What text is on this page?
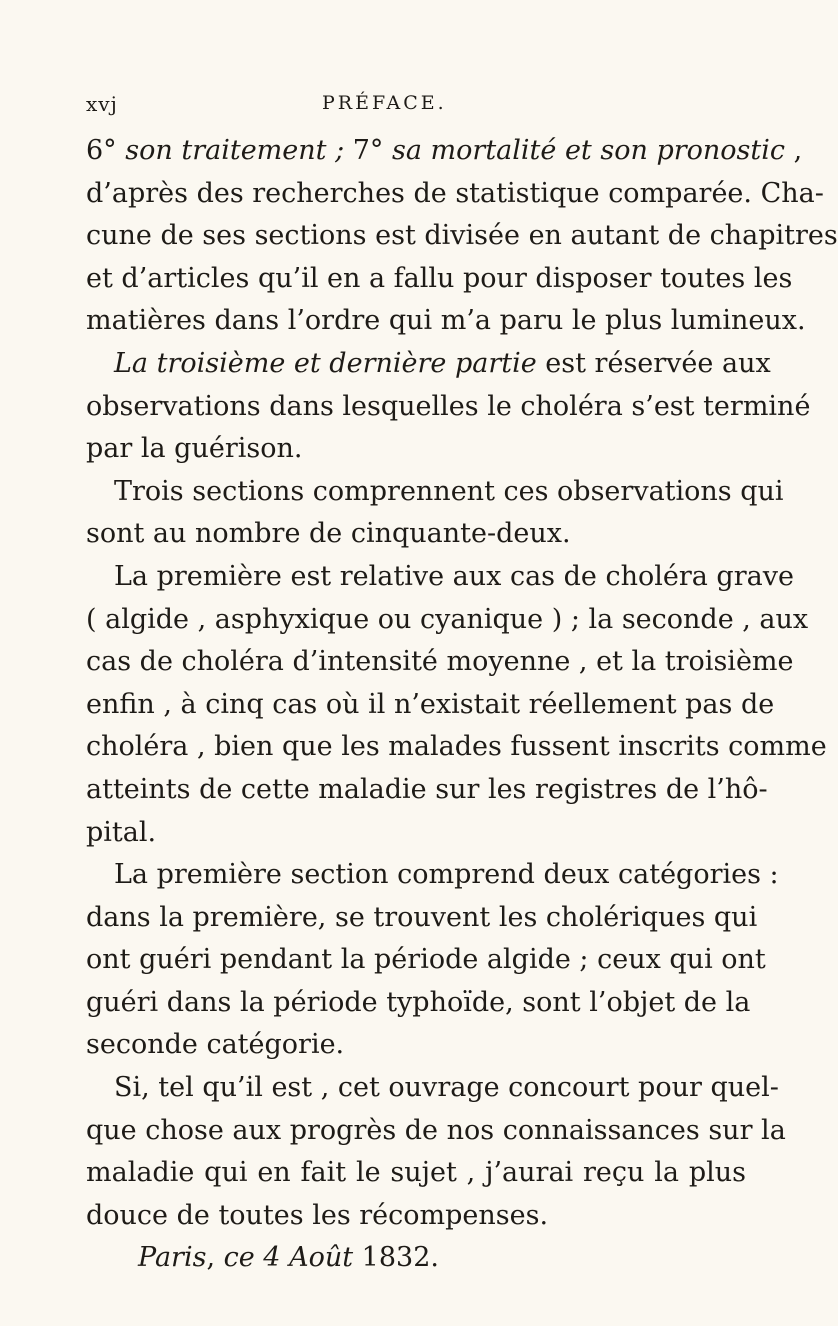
xvj	PRÉFACE.
6° son traitement ; 7° sa mortalité et son pronostic ,
d’après des recherches de statistique comparée. Cha-
cune de ses sections est divisée en autant de chapitres
et d’articles qu’il en a fallu pour disposer toutes les
matières dans l’ordre qui m’a paru le plus lumineux.
La troisième et dernière partie est réservée aux
observations dans lesquelles le choléra s’est terminé
par la guérison.
Trois sections comprennent ces observations qui
sont au nombre de cinquante-deux.
La première est relative aux cas de choléra grave
( algide , asphyxique ou cyanique ) ; la seconde , aux
cas de choléra d’intensité moyenne , et la troisième
enfin , à cinq cas où il n’existait réellement pas de
choléra , bien que les malades fussent inscrits comme
atteints de cette maladie sur les registres de l’hô-
pital.
La première section comprend deux catégories :
dans la première, se trouvent les cholériques qui
ont guéri pendant la période algide ; ceux qui ont
guéri dans la période typhoïde, sont l’objet de la
seconde catégorie.
Si, tel qu’il est , cet ouvrage concourt pour quel-
que chose aux progrès de nos connaissances sur la
maladie qui en fait le sujet , j’aurai reçu la plus
douce de toutes les récompenses.
Paris, ce 4 Août 1832.
